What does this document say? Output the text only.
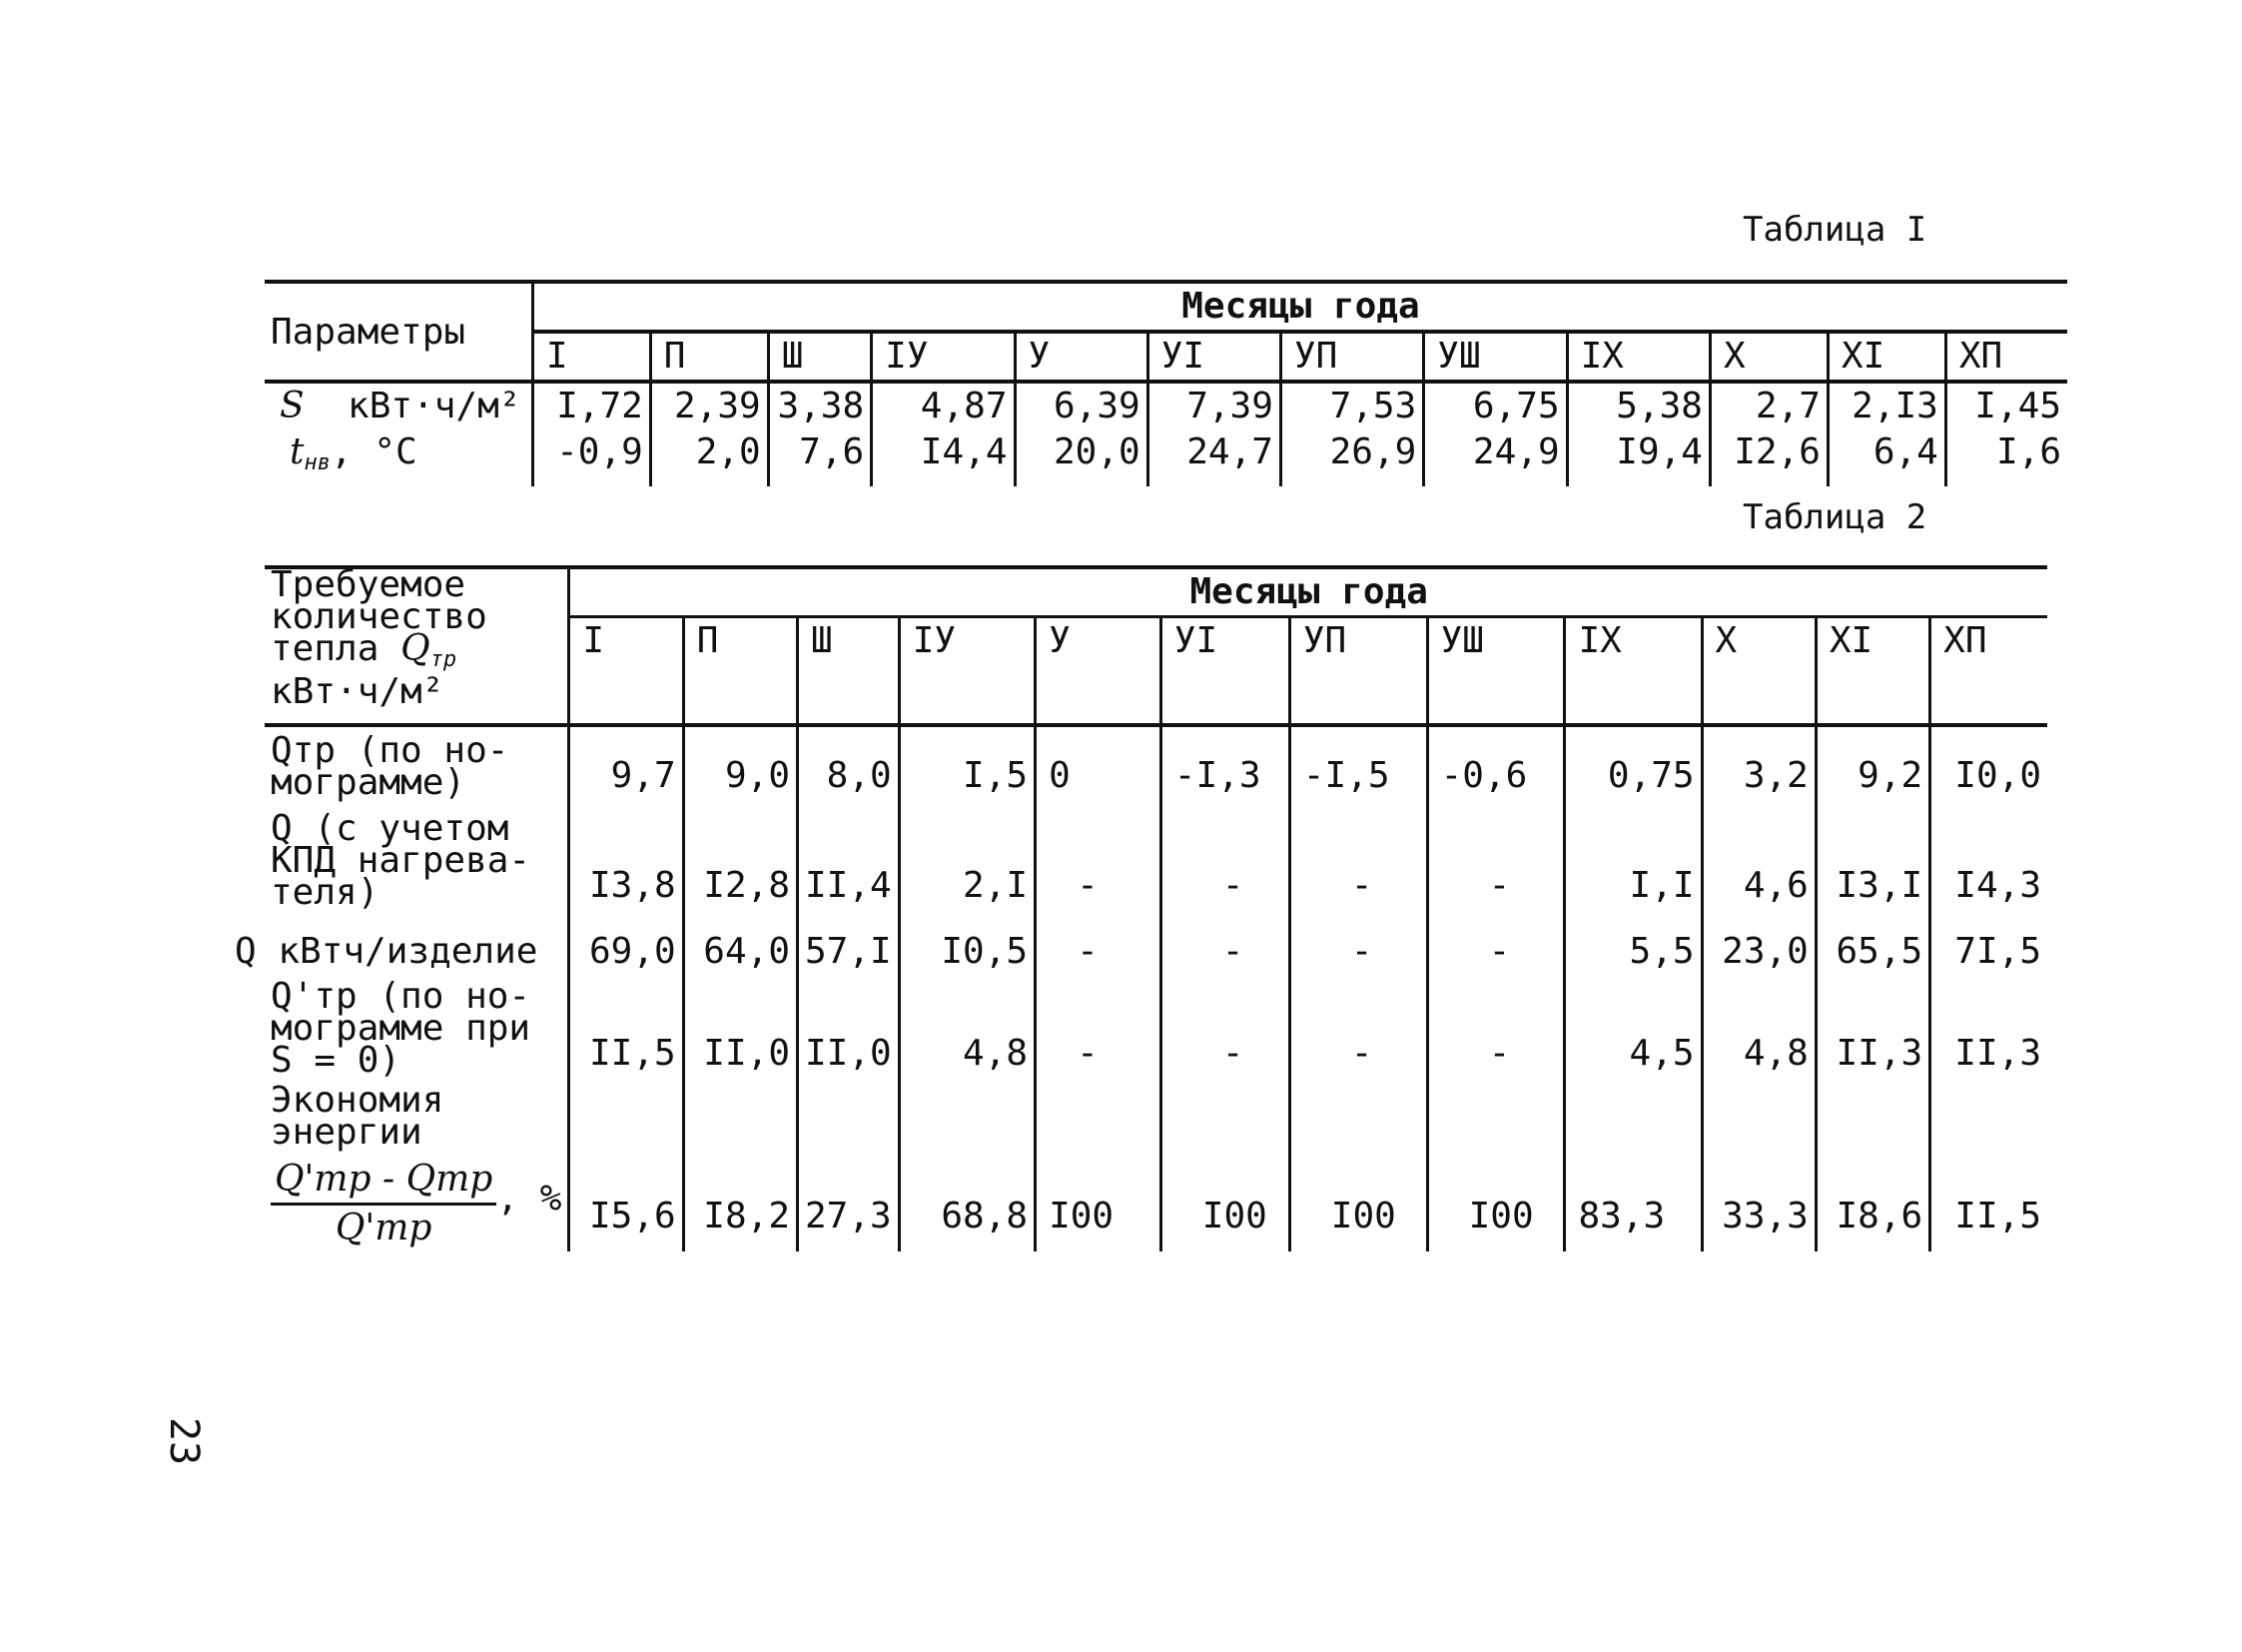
Таблица I
Параметры	Месяцы года											
	I	П	Ш	IУ	У	УI	УП	УШ	IX	X	XI	XП
S кВт·ч/м²	I,72	2,39	3,38	4,87	6,39	7,39	7,53	6,75	5,38	2,7	2,I3	I,45
$t_{нв}$, °C	-0,9	2,0	7,6	I4,4	20,0	24,7	26,9	24,9	I9,4	I2,6	6,4	I,6
Таблица 2
Требуемое
количество
тепла $Q_{тр}$
кВт·ч/м²	Месяцы года											
	I	П	Ш	IУ	У	УI	УП	УШ	IX	X	XI	XП

Qтр (по но-
мограмме)	9,7	9,0	8,0	I,5	0	-I,3	-I,5	-0,6	0,75	3,2	9,2	I0,0

Q (с учетом
КПД нагрева-
теля)	I3,8	I2,8	II,4	2,I	-	-	-	-	I,I	4,6	I3,I	I4,3
Q кВтч/изделие	69,0	64,0	57,I	I0,5	-	-	-	-	5,5	23,0	65,5	7I,5

Q'тр (по но-
мограмме при
S = 0)	II,5	II,0	II,0	4,8	-	-	-	-	4,5	4,8	II,3	II,3

Экономия
энергии
$\frac{\text{Q'тр - Qтр}}{Q'тр}$ , %	I5,6	I8,2	27,3	68,8	I00	I00	I00	I00	83,3	33,3	I8,6	II,5
23
